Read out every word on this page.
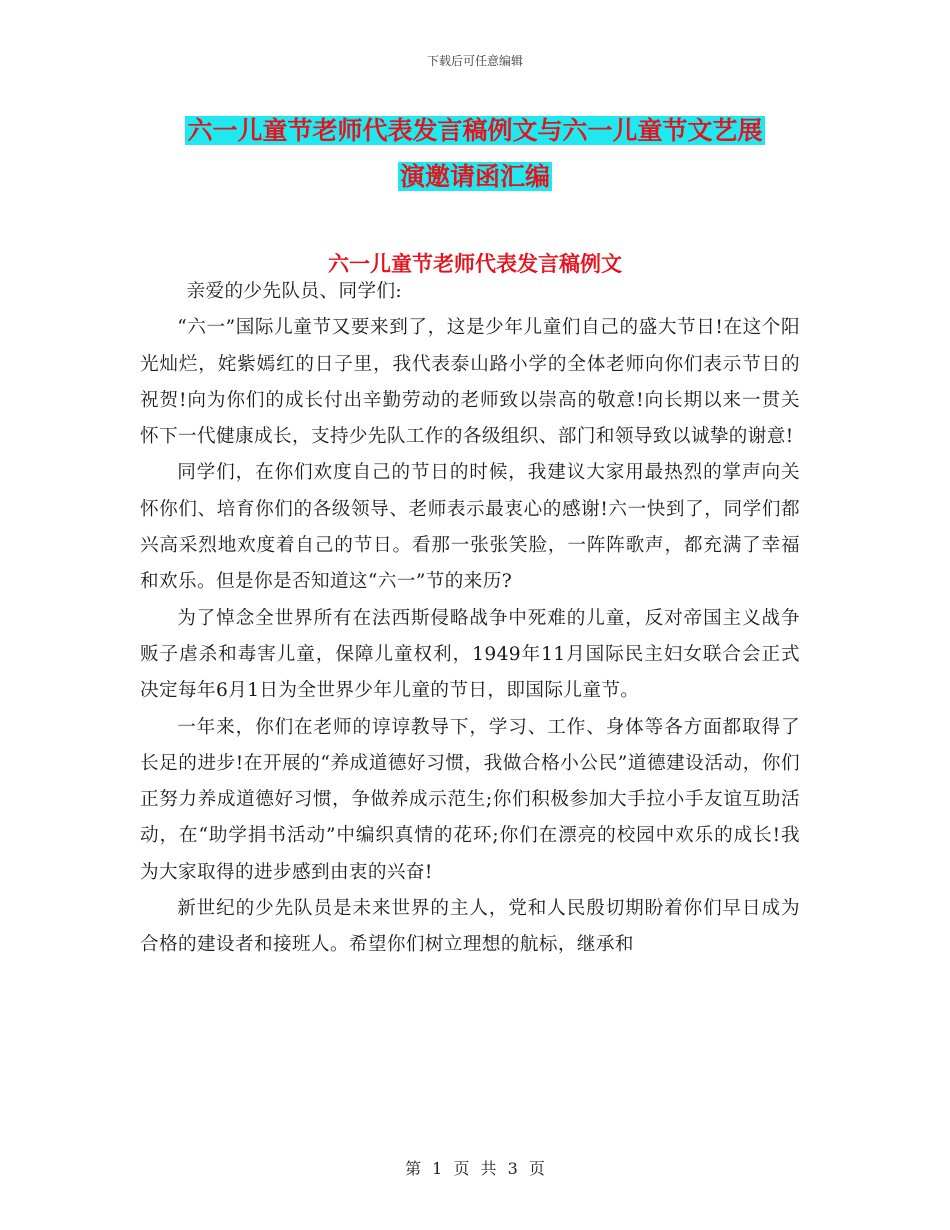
下载后可任意编辑
六一儿童节老师代表发言稿例文与六一儿童节文艺展
演邀请函汇编
六一儿童节老师代表发言稿例文

亲爱的少先队员、同学们:

“六一”国际儿童节又要来到了，这是少年儿童们自己的盛大节日!在这个阳光灿烂，姹紫嫣红的日子里，我代表泰山路小学的全体老师向你们表示节日的祝贺!向为你们的成长付出辛勤劳动的老师致以崇高的敬意!向长期以来一贯关怀下一代健康成长，支持少先队工作的各级组织、部门和领导致以诚挚的谢意!

同学们，在你们欢度自己的节日的时候，我建议大家用最热烈的掌声向关怀你们、培育你们的各级领导、老师表示最衷心的感谢!六一快到了，同学们都兴高采烈地欢度着自己的节日。看那一张张笑脸，一阵阵歌声，都充满了幸福和欢乐。但是你是否知道这“六一”节的来历?

为了悼念全世界所有在法西斯侵略战争中死难的儿童，反对帝国主义战争贩子虐杀和毒害儿童，保障儿童权利，1949年11月国际民主妇女联合会正式决定每年6月1日为全世界少年儿童的节日，即国际儿童节。

一年来，你们在老师的谆谆教导下，学习、工作、身体等各方面都取得了长足的进步!在开展的“养成道德好习惯，我做合格小公民”道德建设活动，你们正努力养成道德好习惯，争做养成示范生;你们积极参加大手拉小手友谊互助活动，在“助学捐书活动”中编织真情的花环;你们在漂亮的校园中欢乐的成长!我为大家取得的进步感到由衷的兴奋!

新世纪的少先队员是未来世界的主人，党和人民殷切期盼着你们早日成为合格的建设者和接班人。希望你们树立理想的航标，继承和

第 1 页 共 3 页
